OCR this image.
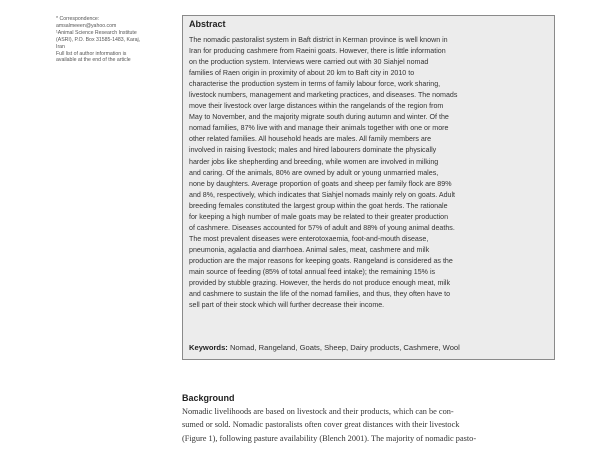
* Correspondence:
amsalmeeen@yahoo.com
¹Animal Science Research Institute
(ASRI), P.O. Box 31585-1483, Karaj,
Iran
Full list of author information is
available at the end of the article
Abstract
The nomadic pastoralist system in Baft district in Kerman province is well known in
Iran for producing cashmere from Raeini goats. However, there is little information
on the production system. Interviews were carried out with 30 Siahjel nomad
families of Raen origin in proximity of about 20 km to Baft city in 2010 to
characterise the production system in terms of family labour force, work sharing,
livestock numbers, management and marketing practices, and diseases. The nomads
move their livestock over large distances within the rangelands of the region from
May to November, and the majority migrate south during autumn and winter. Of the
nomad families, 87% live with and manage their animals together with one or more
other related families. All household heads are males. All family members are
involved in raising livestock; males and hired labourers dominate the physically
harder jobs like shepherding and breeding, while women are involved in milking
and caring. Of the animals, 80% are owned by adult or young unmarried males,
none by daughters. Average proportion of goats and sheep per family flock are 89%
and 8%, respectively, which indicates that Siahjel nomads mainly rely on goats. Adult
breeding females constituted the largest group within the goat herds. The rationale
for keeping a high number of male goats may be related to their greater production
of cashmere. Diseases accounted for 57% of adult and 88% of young animal deaths.
The most prevalent diseases were enterotoxaemia, foot-and-mouth disease,
pneumonia, agalactia and diarrhoea. Animal sales, meat, cashmere and milk
production are the major reasons for keeping goats. Rangeland is considered as the
main source of feeding (85% of total annual feed intake); the remaining 15% is
provided by stubble grazing. However, the herds do not produce enough meat, milk
and cashmere to sustain the life of the nomad families, and thus, they often have to
sell part of their stock which will further decrease their income.
Keywords: Nomad, Rangeland, Goats, Sheep, Dairy products, Cashmere, Wool
Background
Nomadic livelihoods are based on livestock and their products, which can be con-
sumed or sold. Nomadic pastoralists often cover great distances with their livestock
(Figure 1), following pasture availability (Blench 2001). The majority of nomadic pasto-
